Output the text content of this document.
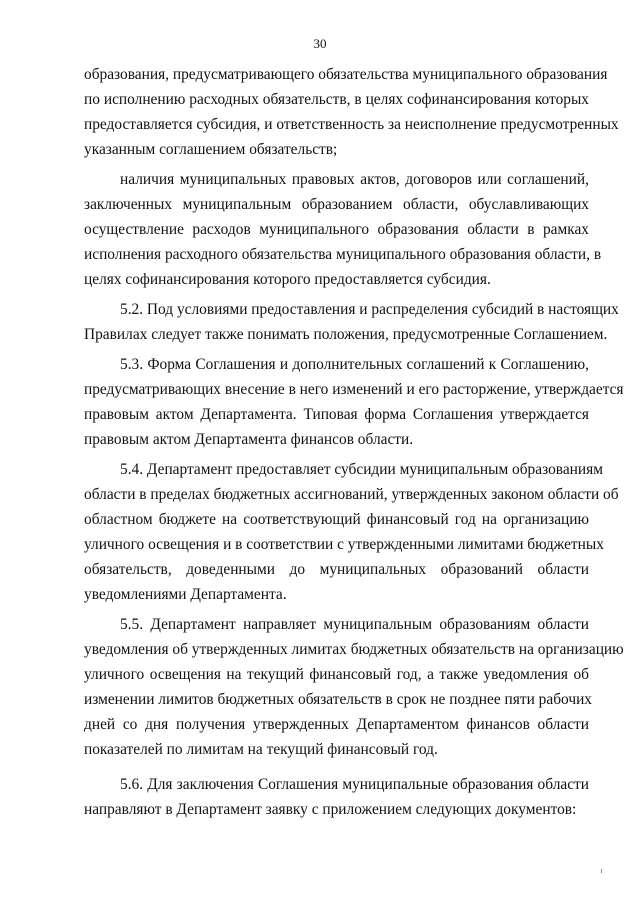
30
образования, предусматривающего обязательства муниципального образования
по исполнению расходных обязательств, в целях софинансирования которых
предоставляется субсидия, и ответственность за неисполнение предусмотренных
указанным соглашением обязательств;
наличия муниципальных правовых актов, договоров или соглашений,
заключенных муниципальным образованием области, обуславливающих
осуществление расходов муниципального образования области в рамках
исполнения расходного обязательства муниципального образования области, в
целях софинансирования которого предоставляется субсидия.
5.2. Под условиями предоставления и распределения субсидий в настоящих
Правилах следует также понимать положения, предусмотренные Соглашением.
5.3. Форма Соглашения и дополнительных соглашений к Соглашению,
предусматривающих внесение в него изменений и его расторжение, утверждается
правовым актом Департамента. Типовая форма Соглашения утверждается
правовым актом Департамента финансов области.
5.4. Департамент предоставляет субсидии муниципальным образованиям
области в пределах бюджетных ассигнований, утвержденных законом области об
областном бюджете на соответствующий финансовый год на организацию
уличного освещения и в соответствии с утвержденными лимитами бюджетных
обязательств, доведенными до муниципальных образований области
уведомлениями Департамента.
5.5. Департамент направляет муниципальным образованиям области
уведомления об утвержденных лимитах бюджетных обязательств на организацию
уличного освещения на текущий финансовый год, а также уведомления об
изменении лимитов бюджетных обязательств в срок не позднее пяти рабочих
дней со дня получения утвержденных Департаментом финансов области
показателей по лимитам на текущий финансовый год.
5.6. Для заключения Соглашения муниципальные образования области
направляют в Департамент заявку с приложением следующих документов:
